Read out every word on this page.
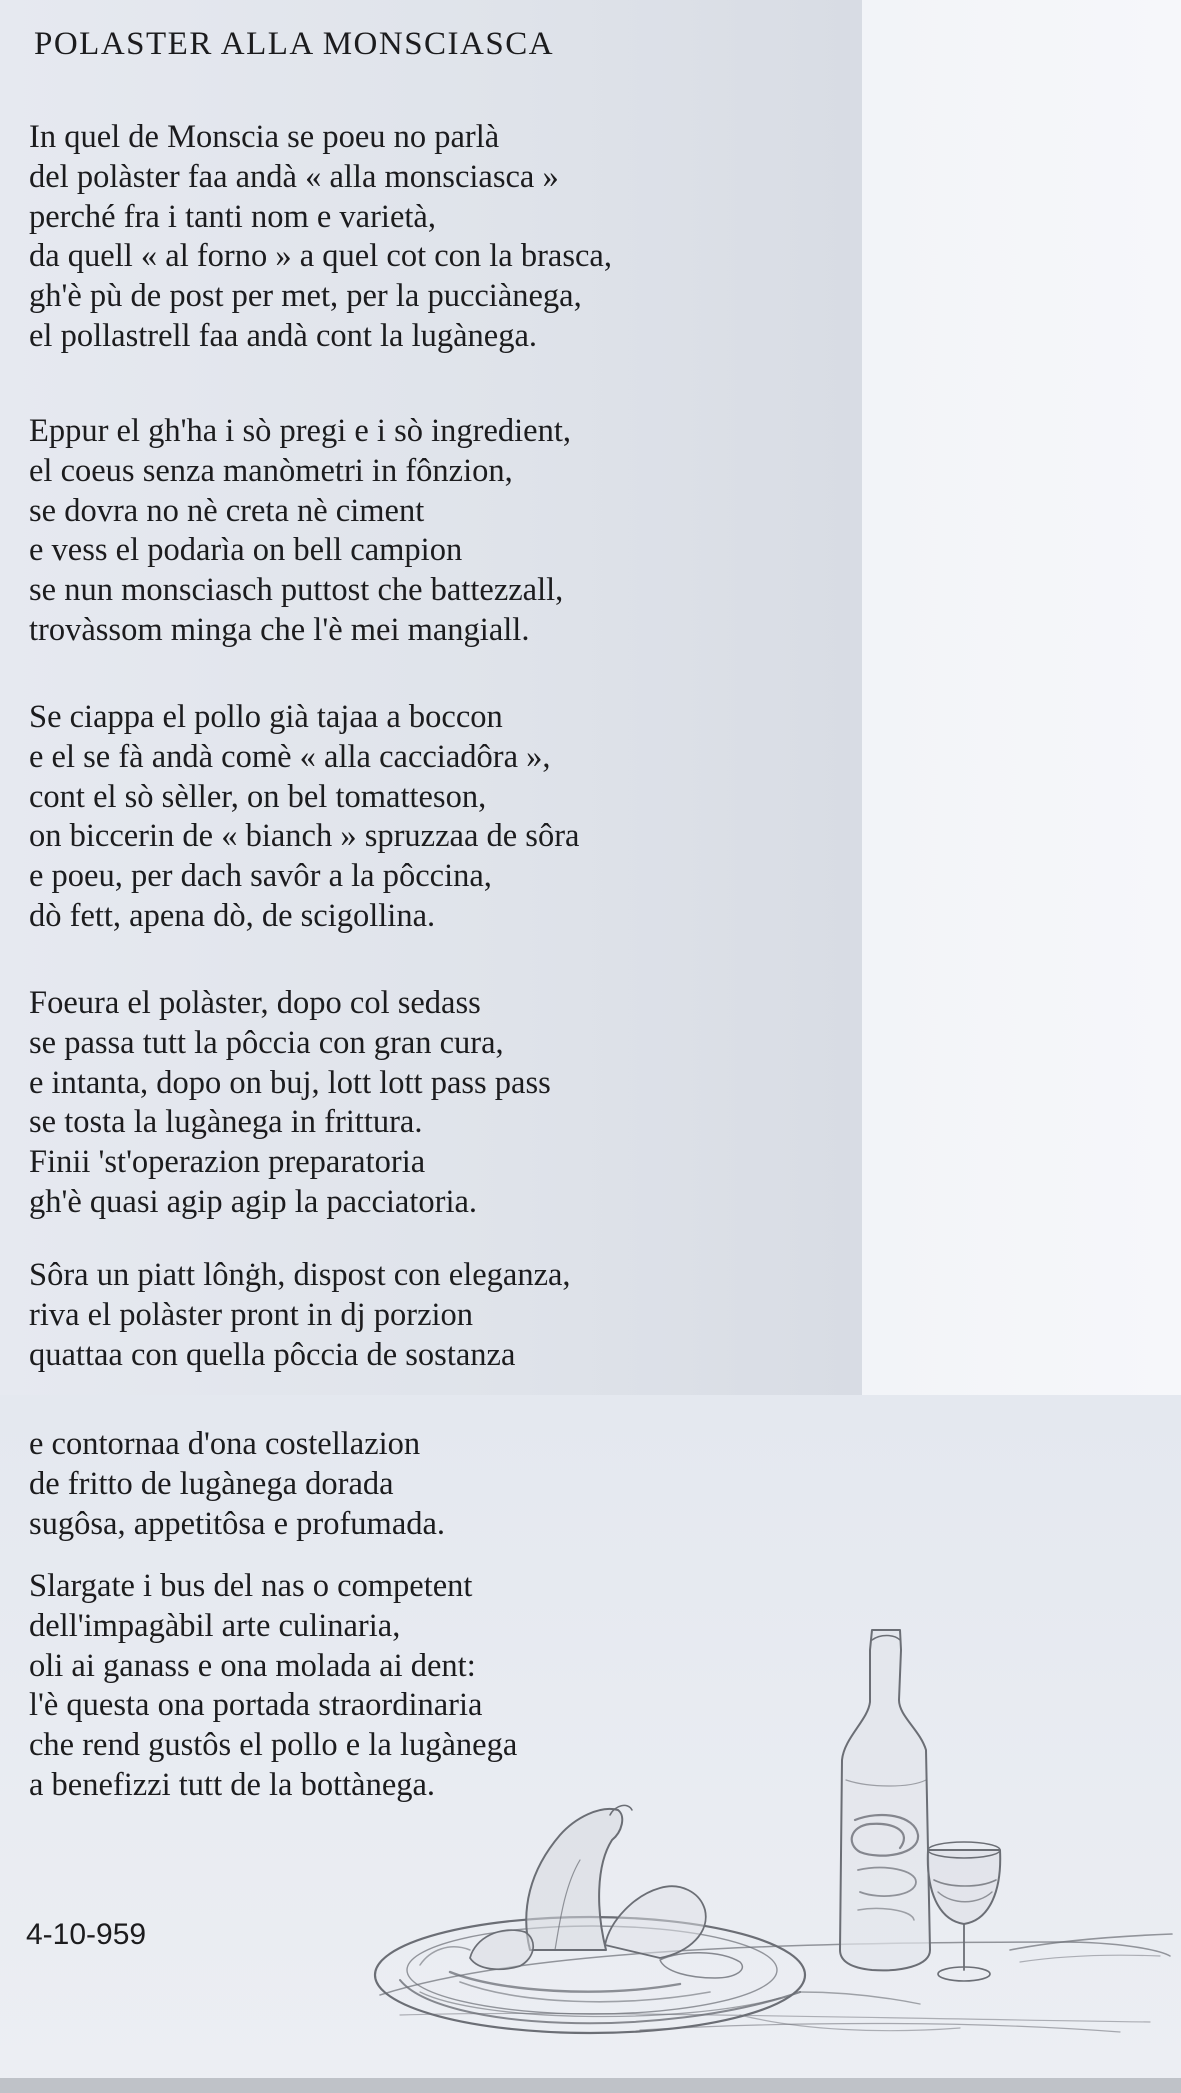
POLASTER ALLA MONSCIASCA
In quel de Monscia se poeu no parlà
del polàster faa andà « alla monsciasca »
perché fra i tanti nom e varietà,
da quell « al forno » a quel cot con la brasca,
gh'è pù de post per met, per la pucciànega,
el pollastrell faa andà cont la lugànega.
Eppur el gh'ha i sò pregi e i sò ingredient,
el coeus senza manòmetri in fônzion,
se dovra no nè creta nè ciment
e vess el podarìa on bell campion
se nun monsciasch puttost che battezzall,
trovàssom minga che l'è mei mangiall.
Se ciappa el pollo già tajaa a boccon
e el se fà andà comè « alla cacciadôra »,
cont el sò sèller, on bel tomatteson,
on biccerin de « bianch » spruzzaa de sôra
e poeu, per dach savôr a la pôccina,
dò fett, apena dò, de scigollina.
Foeura el polàster, dopo col sedass
se passa tutt la pôccia con gran cura,
e intanta, dopo on buj, lott lott pass pass
se tosta la lugànega in frittura.
Finii 'st'operazion preparatoria
gh'è quasi agip agip la pacciatoria.
Sôra un piatt lônġh, dispost con eleganza,
riva el polàster pront in dj porzion
quattaa con quella pôccia de sostanza
e contornaa d'ona costellazion
de fritto de lugànega dorada
sugôsa, appetitôsa e profumada.
Slargate i bus del nas o competent
dell'impagàbil arte culinaria,
oli ai ganass e ona molada ai dent:
l'è questa ona portada straordinaria
che rend gustôs el pollo e la lugànega
a benefizzi tutt de la bottànega.
4-10-959
